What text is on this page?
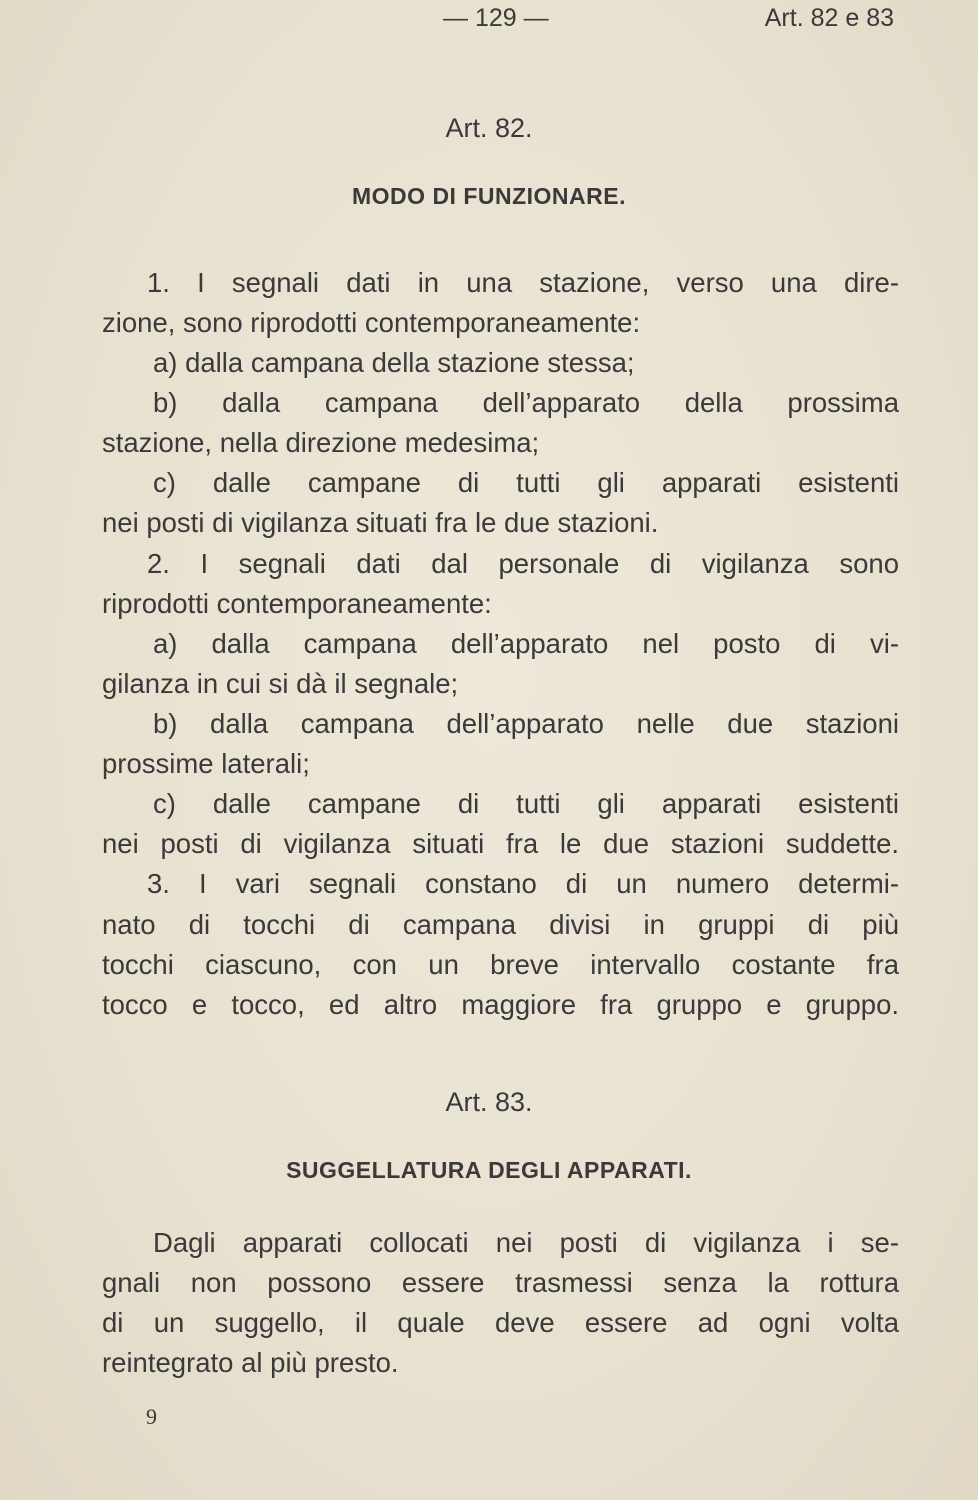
— 129 —	Art. 82 e 83
Art. 82.
MODO DI FUNZIONARE.
1. I segnali dati in una stazione, verso una dire-
zione, sono riprodotti contemporaneamente:
a) dalla campana della stazione stessa;
b) dalla campana dell’apparato della prossima
stazione, nella direzione medesima;
c) dalle campane di tutti gli apparati esistenti
nei posti di vigilanza situati fra le due stazioni.
2. I segnali dati dal personale di vigilanza sono
riprodotti contemporaneamente:
a) dalla campana dell’apparato nel posto di vi-
gilanza in cui si dà il segnale;
b) dalla campana dell’apparato nelle due stazioni
prossime laterali;
c) dalle campane di tutti gli apparati esistenti
nei posti di vigilanza situati fra le due stazioni suddette.
3. I vari segnali constano di un numero determi-
nato di tocchi di campana divisi in gruppi di più
tocchi ciascuno, con un breve intervallo costante fra
tocco e tocco, ed altro maggiore fra gruppo e gruppo.
Art. 83.
SUGGELLATURA DEGLI APPARATI.
Dagli apparati collocati nei posti di vigilanza i se-
gnali non possono essere trasmessi senza la rottura
di un suggello, il quale deve essere ad ogni volta
reintegrato al più presto.
9
